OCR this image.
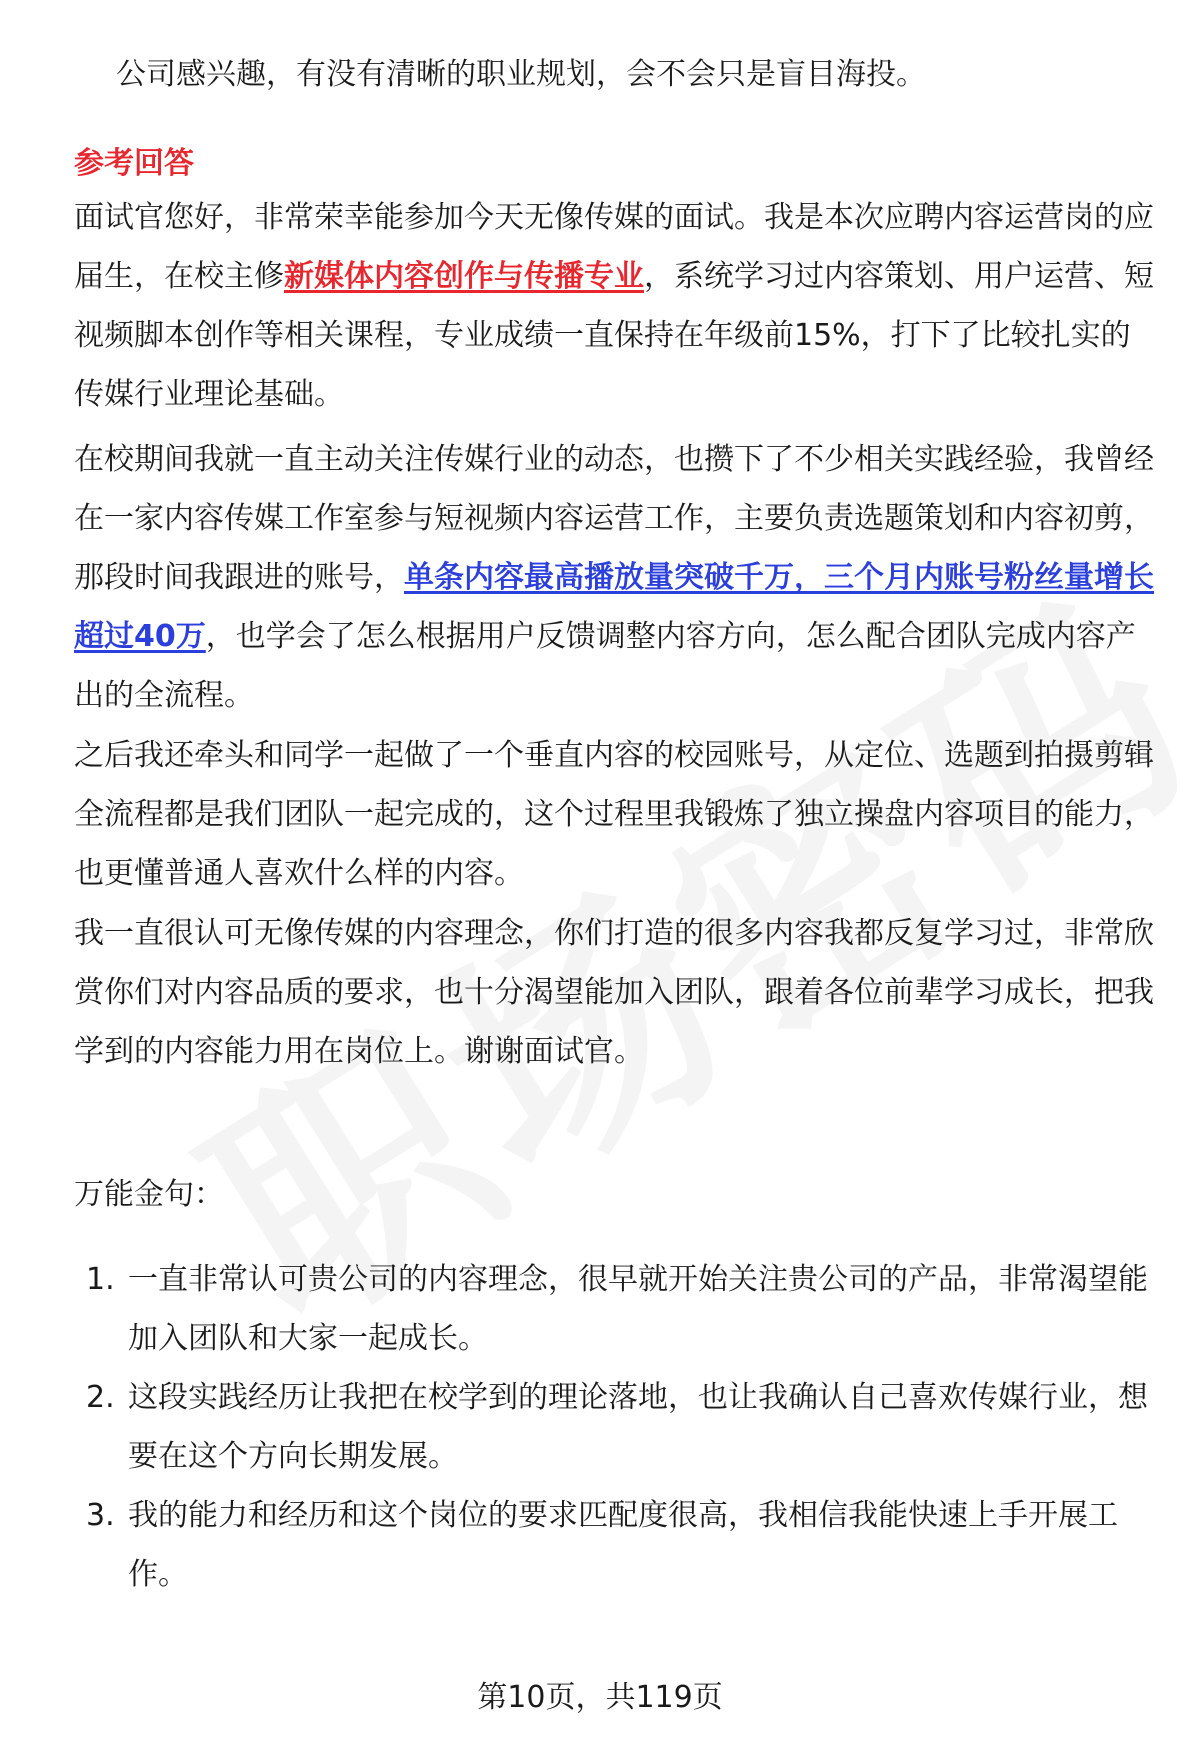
公司感兴趣，有没有清晰的职业规划，会不会只是盲目海投。
参考回答
面试官您好，非常荣幸能参加今天无像传媒的面试。我是本次应聘内容运营岗的应届生，在校主修新媒体内容创作与传播专业，系统学习过内容策划、用户运营、短视频脚本创作等相关课程，专业成绩一直保持在年级前15%，打下了比较扎实的传媒行业理论基础。
在校期间我就一直主动关注传媒行业的动态，也攒下了不少相关实践经验，我曾经在一家内容传媒工作室参与短视频内容运营工作，主要负责选题策划和内容初剪，那段时间我跟进的账号，单条内容最高播放量突破千万，三个月内账号粉丝量增长超过40万，也学会了怎么根据用户反馈调整内容方向，怎么配合团队完成内容产出的全流程。
之后我还牵头和同学一起做了一个垂直内容的校园账号，从定位、选题到拍摄剪辑全流程都是我们团队一起完成的，这个过程里我锻炼了独立操盘内容项目的能力，也更懂普通人喜欢什么样的内容。
我一直很认可无像传媒的内容理念，你们打造的很多内容我都反复学习过，非常欣赏你们对内容品质的要求，也十分渴望能加入团队，跟着各位前辈学习成长，把我学到的内容能力用在岗位上。谢谢面试官。
万能金句：
1. 一直非常认可贵公司的内容理念，很早就开始关注贵公司的产品，非常渴望能加入团队和大家一起成长。
2. 这段实践经历让我把在校学到的理论落地，也让我确认自己喜欢传媒行业，想要在这个方向长期发展。
3. 我的能力和经历和这个岗位的要求匹配度很高，我相信我能快速上手开展工作。
第10页，共119页
